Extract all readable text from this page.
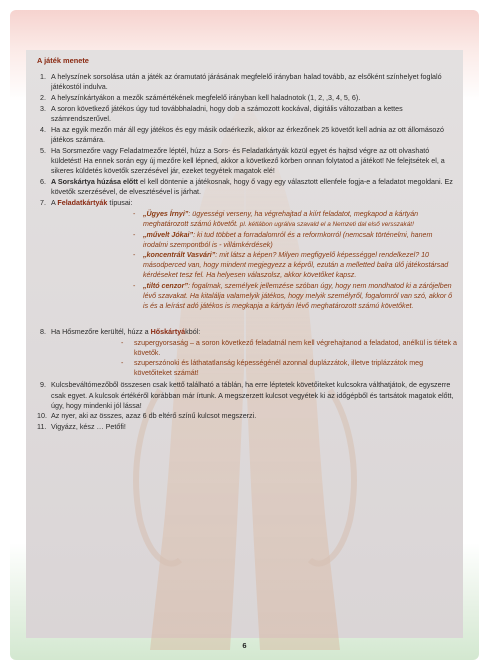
A játék menete
1. A helyszínek sorsolása után a játék az óramutató járásának megfelelő irányban halad tovább, az elsőként színhelyet foglaló játékostól indulva.
2. A helyszínkártyákon a mezők számértékének megfelelő irányban kell haladnotok (1, 2, ,3, 4, 5, 6).
3. A soron következő játékos úgy tud továbbhaladni, hogy dob a számozott kockával, digitális változatban a kettes számrendszerűvel.
4. Ha az egyik mezőn már áll egy játékos és egy másik odaérkezik, akkor az érkezőnek 25 követőt kell adnia az ott állomásozó játékos számára.
5. Ha Sorsmezőre vagy Feladatmezőre léptél, húzz a Sors- és Feladatkártyák közül egyet és hajtsd végre az ott olvasható küldetést! Ha ennek során egy új mezőre kell lépned, akkor a következő körben onnan folytatod a játékot! Ne felejtsétek el, a sikeres küldetés követők szerzésével jár, ezeket tegyétek magatok elé!
6. A Sorskártya húzása előtt el kell döntenie a játékosnak, hogy ő vagy egy választott ellenfele fogja-e a feladatot megoldani. Ez követők szerzésével, de elvesztésével is járhat.
7. A Feladatkártyák típusai:
- „Ügyes Írnyi”: ügyességi verseny, ha végrehajtad a kiírt feladatot, megkapod a kártyán meghatározott számú követőt. pl. kétlábon ugrálva szavald el a Nemzeti dal első versszakát!
- „művelt Jókai”: ki tud többet a forradalomról és a reformkorról (nemcsak történelmi, hanem irodalmi szempontból is - villámkérdések)
- „koncentrált Vasvári”: mit látsz a képen? Milyen megfigyelő képességgel rendelkezel? 10 másodperced van, hogy mindent megjegyezz a képről, ezután a melletted balra ülő játékostársad kérdéseket tesz fel. Ha helyesen válaszolsz, akkor követőket kapsz.
- „tiltó cenzor”: fogalmak, személyek jellemzése szóban úgy, hogy nem mondhatod ki a zárójelben lévő szavakat. Ha kitalálja valamelyik játékos, hogy melyik személyről, fogalomról van szó, akkor ő is és a leírást adó játékos is megkapja a kártyán lévő meghatározott számú követőket.
8. Ha Hősmezőre kerültél, húzz a Hőskártyákból:
- szupergyorsaság – a soron következő feladatnál nem kell végrehajtanod a feladatod, anélkül is tiétek a követők.
- szuperszónoki és láthatatlanság képességénél azonnal duplázzátok, illetve triplázzátok meg követőiteket számát!
9. Kulcsbeváltómezőből összesen csak kettő található a táblán, ha erre léptetek követőiteket kulcsokra válthatjátok, de egyszerre csak egyet. A kulcsok értékéről korábban már írtunk. A megszerzett kulcsot vegyétek ki az időgépből és tartsátok magatok előtt, úgy, hogy mindenki jól lássa!
10. Az nyer, aki az összes, azaz 6 db eltérő színű kulcsot megszerzi.
11. Vigyázz, kész … Petőfi!
6
